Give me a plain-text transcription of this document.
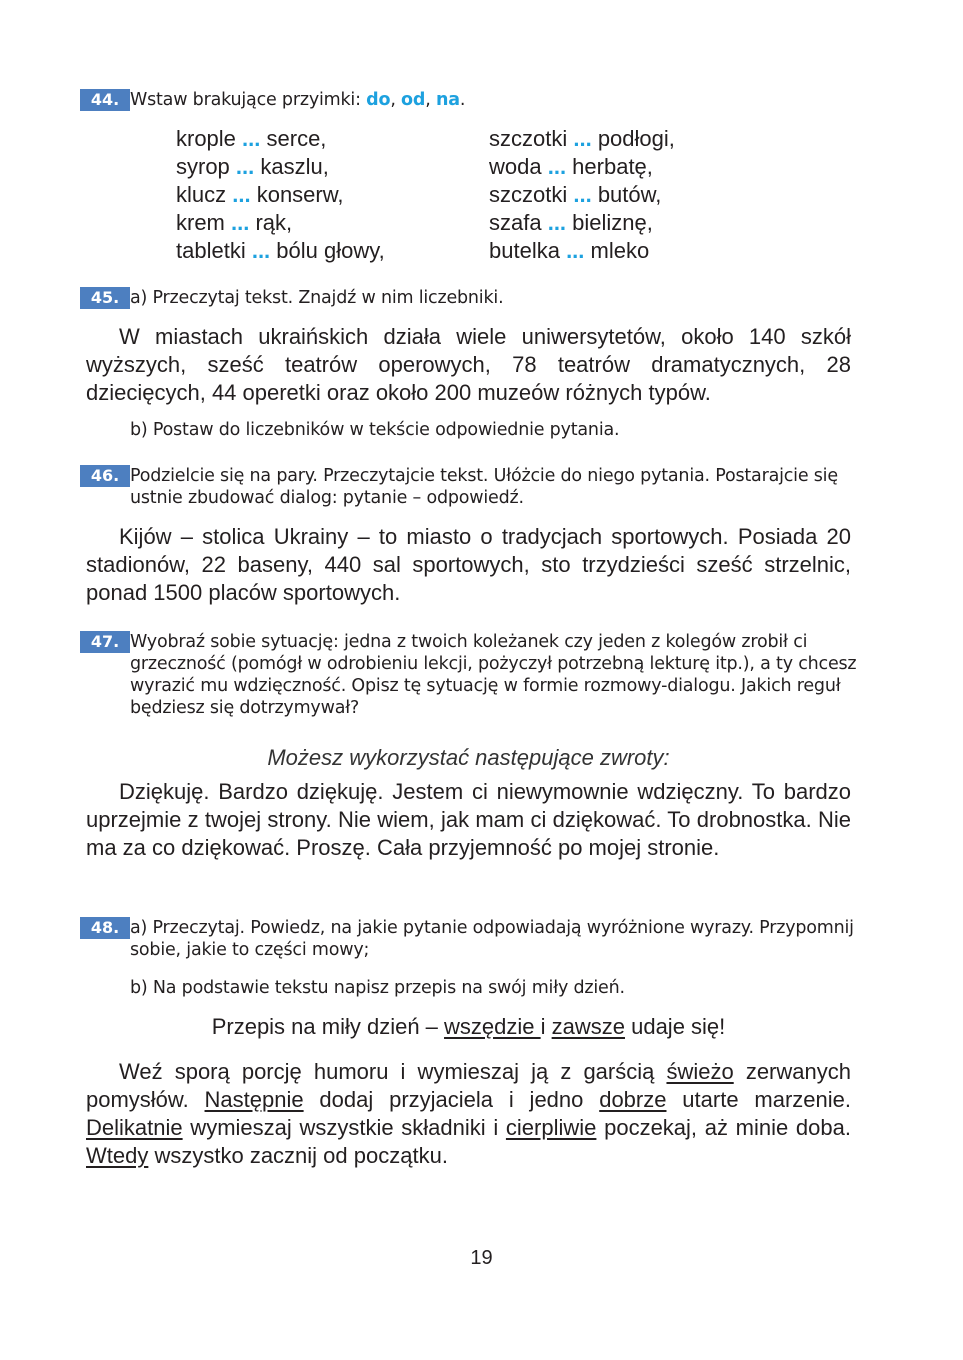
44. Wstaw brakujące przyimki: do, od, na.
krople ... serce,
syrop ... kaszlu,
klucz ... konserw,
krem ... rąk,
tabletki ... bólu głowy,
szczotki ... podłogi,
woda ... herbatę,
szczotki ... butów,
szafa ... bieliznę,
butelka ... mleko
45. a) Przeczytaj tekst. Znajdź w nim liczebniki.
W miastach ukraińskich działa wiele uniwersytetów, około 140 szkół wyższych, sześć teatrów operowych, 78 teatrów dramatycznych, 28 dziecięcych, 44 operetki oraz około 200 muzeów różnych typów.
b) Postaw do liczebników w tekście odpowiednie pytania.
46. Podzielcie się na pary. Przeczytajcie tekst. Ułóżcie do niego pytania. Postarajcie się ustnie zbudować dialog: pytanie – odpowiedź.
Kijów – stolica Ukrainy – to miasto o tradycjach sportowych. Posiada 20 stadionów, 22 baseny, 440 sal sportowych, sto trzydzieści sześć strzelnic, ponad 1500 placów sportowych.
47. Wyobraź sobie sytuację: jedna z twoich koleżanek czy jeden z kolegów zrobił ci grzeczność (pomógł w odrobieniu lekcji, pożyczył potrzebną lekturę itp.), a ty chcesz wyrazić mu wdzięczność. Opisz tę sytuację w formie rozmowy-dialogu. Jakich reguł będziesz się dotrzymywał?
Możesz wykorzystać następujące zwroty:
Dziękuję. Bardzo dziękuję. Jestem ci niewymownie wdzięczny. To bardzo uprzejmie z twojej strony. Nie wiem, jak mam ci dziękować. To drobnostka. Nie ma za co dziękować. Proszę. Cała przyjemność po mojej stronie.
48. a) Przeczytaj. Powiedz, na jakie pytanie odpowiadają wyróżnione wyrazy. Przypomnij sobie, jakie to części mowy;
b) Na podstawie tekstu napisz przepis na swój miły dzień.
Przepis na miły dzień – wszędzie i zawsze udaje się!
Weź sporą porcję humoru i wymieszaj ją z garścią świeżo zerwanych pomysłów. Następnie dodaj przyjaciela i jedno dobrze utarte marzenie. Delikatnie wymieszaj wszystkie składniki i cierpliwie poczekaj, aż minie doba. Wtedy wszystko zacznij od początku.
19
